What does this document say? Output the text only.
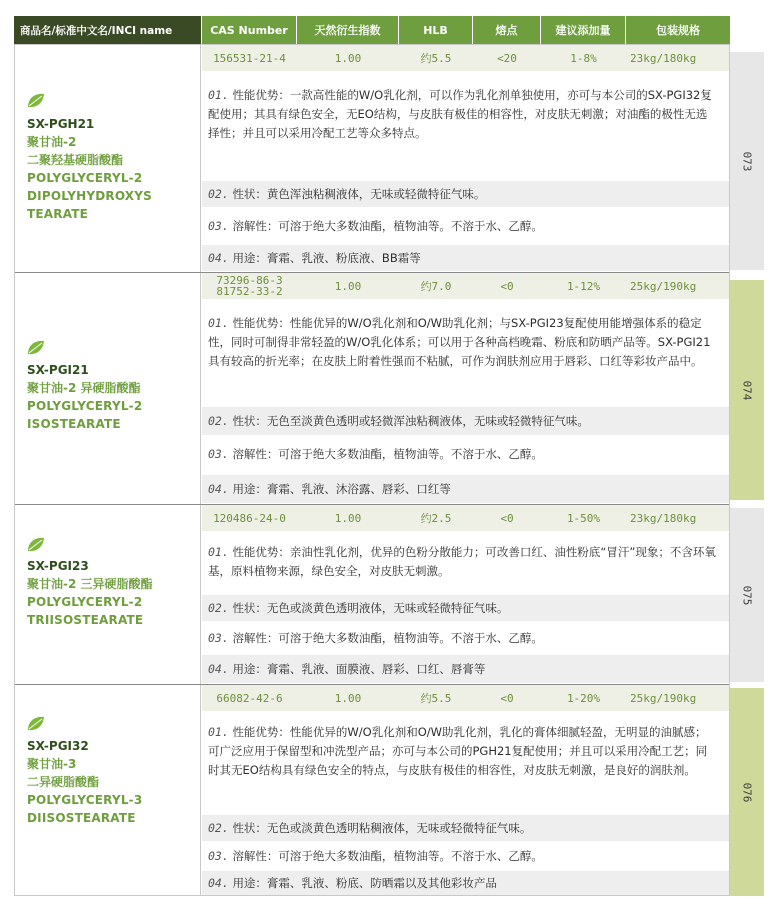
商品名/标准中文名/INCI name	CAS Number	天然衍生指数	HLB	熔点	建议添加量	包装规格
073
074
075
076
SX-PGH21
聚甘油-2
二聚羟基硬脂酸酯
POLYGLYCERYL-2
DIPOLYHYDROXYS
TEARATE
156531-21-4	1.00	约5.5	<20	1-8%	23kg/180kg
01. 性能优势：一款高性能的W/O乳化剂，可以作为乳化剂单独使用，亦可与本公司的SX-PGI32复配使用；其具有绿色安全，无EO结构，与皮肤有极佳的相容性，对皮肤无刺激；对油酯的极性无选择性；并且可以采用冷配工艺等众多特点。
02. 性状：黄色浑浊粘稠液体，无味或轻微特征气味。
03. 溶解性：可溶于绝大多数油酯，植物油等。不溶于水、乙醇。
04. 用途：膏霜、乳液、粉底液、BB霜等
SX-PGI21
聚甘油-2 异硬脂酸酯
POLYGLYCERYL-2
ISOSTEARATE
73296-86-3
81752-33-2	1.00	约7.0	<0	1-12%	25kg/190kg
01. 性能优势：性能优异的W/O乳化剂和O/W助乳化剂；与SX-PGI23复配使用能增强体系的稳定性，同时可制得非常轻盈的W/O乳化体系；可以用于各种高档晚霜、粉底和防晒产品等。SX-PGI21具有较高的折光率；在皮肤上附着性强而不粘腻，可作为润肤剂应用于唇彩、口红等彩妆产品中。
02. 性状：无色至淡黄色透明或轻微浑浊粘稠液体，无味或轻微特征气味。
03. 溶解性：可溶于绝大多数油酯，植物油等。不溶于水、乙醇。
04. 用途：膏霜、乳液、沐浴露、唇彩、口红等
SX-PGI23
聚甘油-2 三异硬脂酸酯
POLYGLYCERYL-2
TRIISOSTEARATE
120486-24-0	1.00	约2.5	<0	1-50%	23kg/180kg
01. 性能优势：亲油性乳化剂，优异的色粉分散能力；可改善口红、油性粉底“冒汗”现象；不含环氧基，原料植物来源，绿色安全，对皮肤无刺激。
02. 性状：无色或淡黄色透明液体，无味或轻微特征气味。
03. 溶解性：可溶于绝大多数油酯，植物油等。不溶于水、乙醇。
04. 用途：膏霜、乳液、面膜液、唇彩、口红、唇膏等
SX-PGI32
聚甘油-3
二异硬脂酸酯
POLYGLYCERYL-3
DIISOSTEARATE
66082-42-6	1.00	约5.5	<0	1-20%	25kg/190kg
01. 性能优势：性能优异的W/O乳化剂和O/W助乳化剂，乳化的膏体细腻轻盈，无明显的油腻感；可广泛应用于保留型和冲洗型产品；亦可与本公司的PGH21复配使用；并且可以采用冷配工艺；同时其无EO结构具有绿色安全的特点，与皮肤有极佳的相容性，对皮肤无刺激，是良好的润肤剂。
02. 性状：无色或淡黄色透明粘稠液体，无味或轻微特征气味。
03. 溶解性：可溶于绝大多数油酯，植物油等。不溶于水、乙醇。
04. 用途：膏霜、乳液、粉底、防晒霜以及其他彩妆产品
